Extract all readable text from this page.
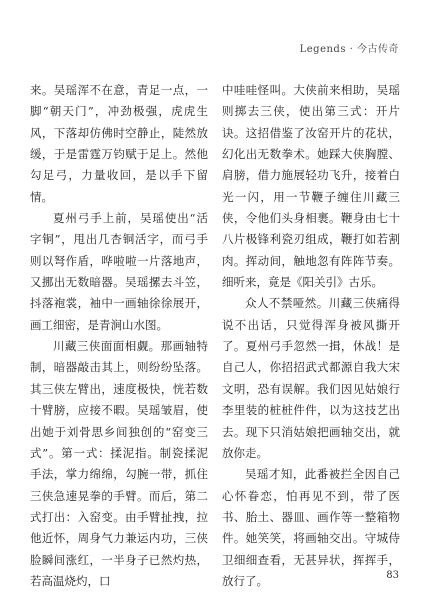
Legends · 今古传奇

来。吴瑶浑不在意，青足一点，一脚“朝天门”，冲劲极强，虎虎生风，下落却仿佛时空静止，陡然放缓，于是雷霆万钧赋于足上。然他勾足弓，力量收回，是以手下留情。

夏州弓手上前，吴瑶使出“活字铜”，甩出几杏铜活字，而弓手则以弩作盾，哗啦啦一片落地声，又挪出无数暗器。吴瑶摞去斗笠，抖落袍裳，袖中一画轴徐徐展开，画工细密，是青涧山水图。

川藏三侠面面相觑。那画轴特制，暗器敲击其上，则纷纷坠落。其三侠左臂出，速度极快，恍若数十臂膀，应接不暇。吴瑶皱眉，使出她于刘骨思乡间独创的“窑变三式”。第一式：揉泥指。制瓷揉泥手法，掌力绵绵，勾腕一带，抓住三侠急速晃拳的手臂。而后，第二式打出：入窑变。由手臂扯拽，拉他近怀，周身气力兼运内功，三侠脸瞬间涨红，一半身子已然灼热，若高温烧灼，口

中哇哇怪叫。大侠前来相助，吴瑶则掷去三侠，使出第三式：开片诀。这招借鉴了汝窑开片的花状，幻化出无数拳术。她踩大侠胸膛、肩膀，借力施展轻功飞升，接着白光一闪，用一节鞭子缠住川藏三侠，令他们头身相裹。鞭身由七十八片极锋利瓷刃组成，鞭打如若割肉。挥动间，触地忽有阵阵节奏。细听来，竟是《阳关引》古乐。

众人不禁哑然。川藏三侠痛得说不出话，只觉得浑身被风撕开了。夏州弓手忽然一揖，休战！是自己人，你招招武式都源自我大宋文明，恐有误解。我们因见姑娘行李里装的桩桩件件，以为这技艺出去。现下只消姑娘把画轴交出，就放你走。

吴瑶才知，此番被拦全因自己心怀眷恋，怕再见不到，带了医书、胎土、器皿、画作等一整箱物件。她笑笑，将画轴交出。守城侍卫细细查看，无甚异状，挥挥手，放行了。	83
